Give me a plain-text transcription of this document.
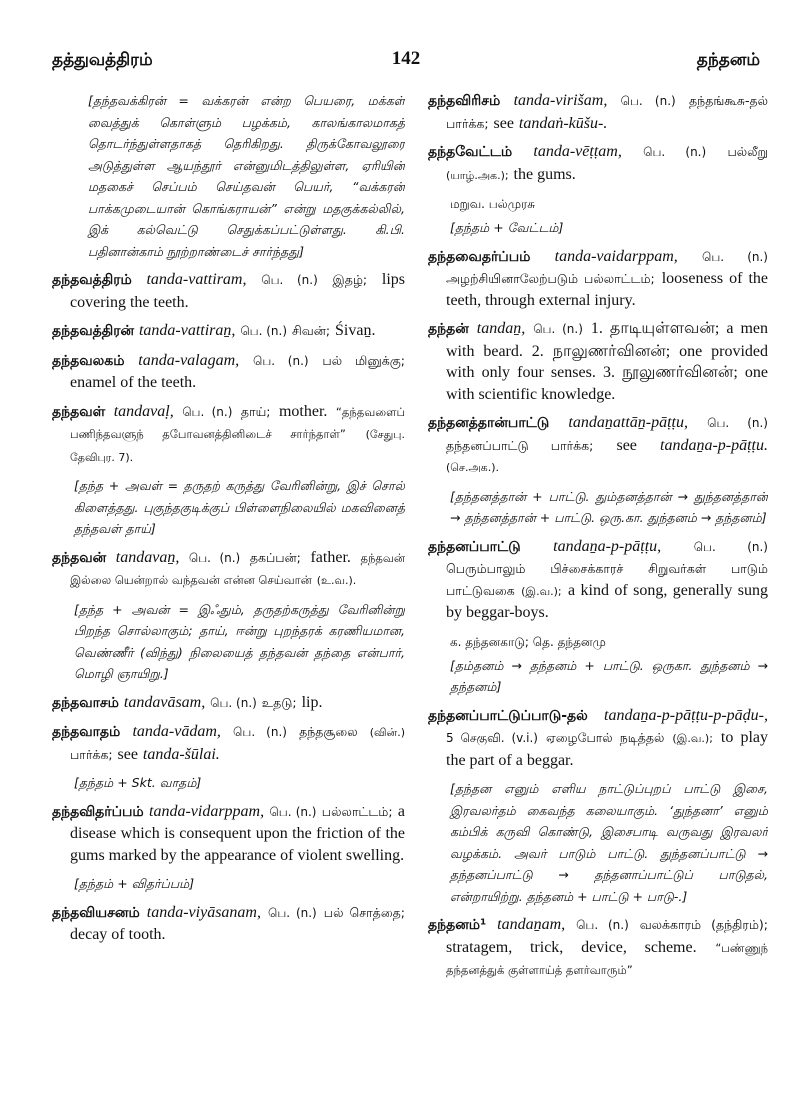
தத்துவத்திரம்	142	தந்தனம்
[தந்தவக்கிரன் = வக்கரன் என்ற பெயரை, மக்கள் வைத்துக் கொள்ளும் பழக்கம், காலங்காலமாகத் தொடர்ந்துள்ளதாகத் தெரிகிறது. திருக்கோவலூரை அடுத்துள்ள ஆயந்தூர் என்னுமிடத்திலுள்ள, ஏரியின் மதகைச் செப்பம் செய்தவன் பெயர், “வக்கரன் பாக்கமுடையான் கொங்கராயன்” என்று மதகுக்கல்லில், இக் கல்வெட்டு செதுக்கப்பட்டுள்ளது. கி.பி. பதினான்காம் நூற்றாண்டைச் சார்ந்தது]
தந்தவத்திரம் tanda-vattiram, பெ. (n.) இதழ்; lips covering the teeth.
தந்தவத்திரன் tanda-vattiraṉ, பெ. (n.) சிவன்; Śivaṉ.
தந்தவலகம் tanda-valagam, பெ. (n.) பல் மினுக்கு; enamel of the teeth.
தந்தவள் tandavaḷ, பெ. (n.) தாய்; mother. “தந்தவளைப் பணிந்தவளுந் தபோவனத்தினிடைச் சார்ந்தாள்” (சேதுபு. தேவிபுர. 7).
[தந்த + அவள் = தருதற் கருத்து வேரினின்று, இச் சொல் கிளைத்தது. புகுந்தகுடிக்குப் பிள்ளைநிலையில் மகவினைத் தந்தவள் தாய்]
தந்தவன் tandavaṉ, பெ. (n.) தகப்பன்; father. தந்தவன் இல்லை யென்றால் வந்தவன் என்ன செய்வான் (உ.வ.).
[தந்த + அவன் = இஃதும், தருதற்கருத்து வேரினின்று பிறந்த சொல்லாகும்; தாய், ஈன்று புறந்தரக் கரணியமான, வெண்ணீர் (விந்து) நிலையைத் தந்தவன் தந்தை என்பார், மொழி ஞாயிறு.]
தந்தவாசம் tandavāsam, பெ. (n.) உதடு; lip.
தந்தவாதம் tanda-vādam, பெ. (n.) தந்தசூலை (வின்.) பார்க்க; see tanda-šūlai.
[தந்தம் + Skt. வாதம்]
தந்தவிதர்ப்பம் tanda-vidarppam, பெ. (n.) பல்லாட்டம்; a disease which is consequent upon the friction of the gums marked by the appearance of violent swelling.
[தந்தம் + விதர்ப்பம்]
தந்தவியசனம் tanda-viyāsanam, பெ. (n.) பல் சொத்தை; decay of tooth.
தந்தவிரிசம் tanda-virišam, பெ. (n.) தந்தங்கூசு-தல் பார்க்க; see tandaṅ-kūšu-.
தந்தவேட்டம் tanda-vēṭṭam, பெ. (n.) பல்லீறு (யாழ்.அக.); the gums.
மறுவ. பல்முரசு
[தந்தம் + வேட்டம்]
தந்தவைதர்ப்பம் tanda-vaidarppam, பெ. (n.) அழற்சியினாலேற்படும் பல்லாட்டம்; looseness of the teeth, through external injury.
தந்தன் tandaṉ, பெ. (n.) 1. தாடியுள்ளவன்; a men with beard. 2. நாலுணர்வினன்; one provided with only four senses. 3. நூலுணர்வினன்; one with scientific knowledge.
தந்தனத்தான்பாட்டு tandaṉattāṉ-pāṭṭu, பெ. (n.) தந்தனப்பாட்டு பார்க்க; see tandaṉa-p-pāṭṭu. (செ.அக.).
[தந்தனத்தான் + பாட்டு. தும்தனத்தான் → துந்தனத்தான் → தந்தனத்தான் + பாட்டு. ஒரு.கா. துந்தனம் → தந்தனம்]
தந்தனப்பாட்டு tandaṉa-p-pāṭṭu,	பெ. (n.) பெரும்பாலும் பிச்சைக்காரச் சிறுவர்கள் பாடும் பாட்டுவகை (இ.வ.); a kind of song, generally sung by beggar-boys.
க. தந்தனகாடு; தெ. தந்தனமு
[தம்தனம் → தந்தனம் + பாட்டு. ஒருகா. துந்தனம் → தந்தனம்]
தந்தனப்பாட்டுப்பாடு-தல் tandaṉa-p-pāṭṭu-p-pāḍu-, 5 செகுவி. (v.i.) ஏழைபோல் நடித்தல் (இ.வ.); to play the part of a beggar.
[தந்தன எனும் எளிய நாட்டுப்புறப் பாட்டு இசை, இரவலர்தம் கைவந்த கலையாகும். ‘துந்தனா’ எனும் கம்பிக் கருவி கொண்டு, இசைபாடி வருவது இரவலர் வழக்கம். அவர் பாடும் பாட்டு. துந்தனப்பாட்டு → தந்தனப்பாட்டு → தந்தனாப்பாட்டுப் பாடுதல், என்றாயிற்று. தந்தனம் + பாட்டு + பாடு-.]
தந்தனம்¹ tandaṉam, பெ. (n.) வலக்காரம் (தந்திரம்); stratagem, trick, device, scheme. “பண்ணுந் தந்தனத்துக் குள்ளாய்த் தளர்வாரும்”
